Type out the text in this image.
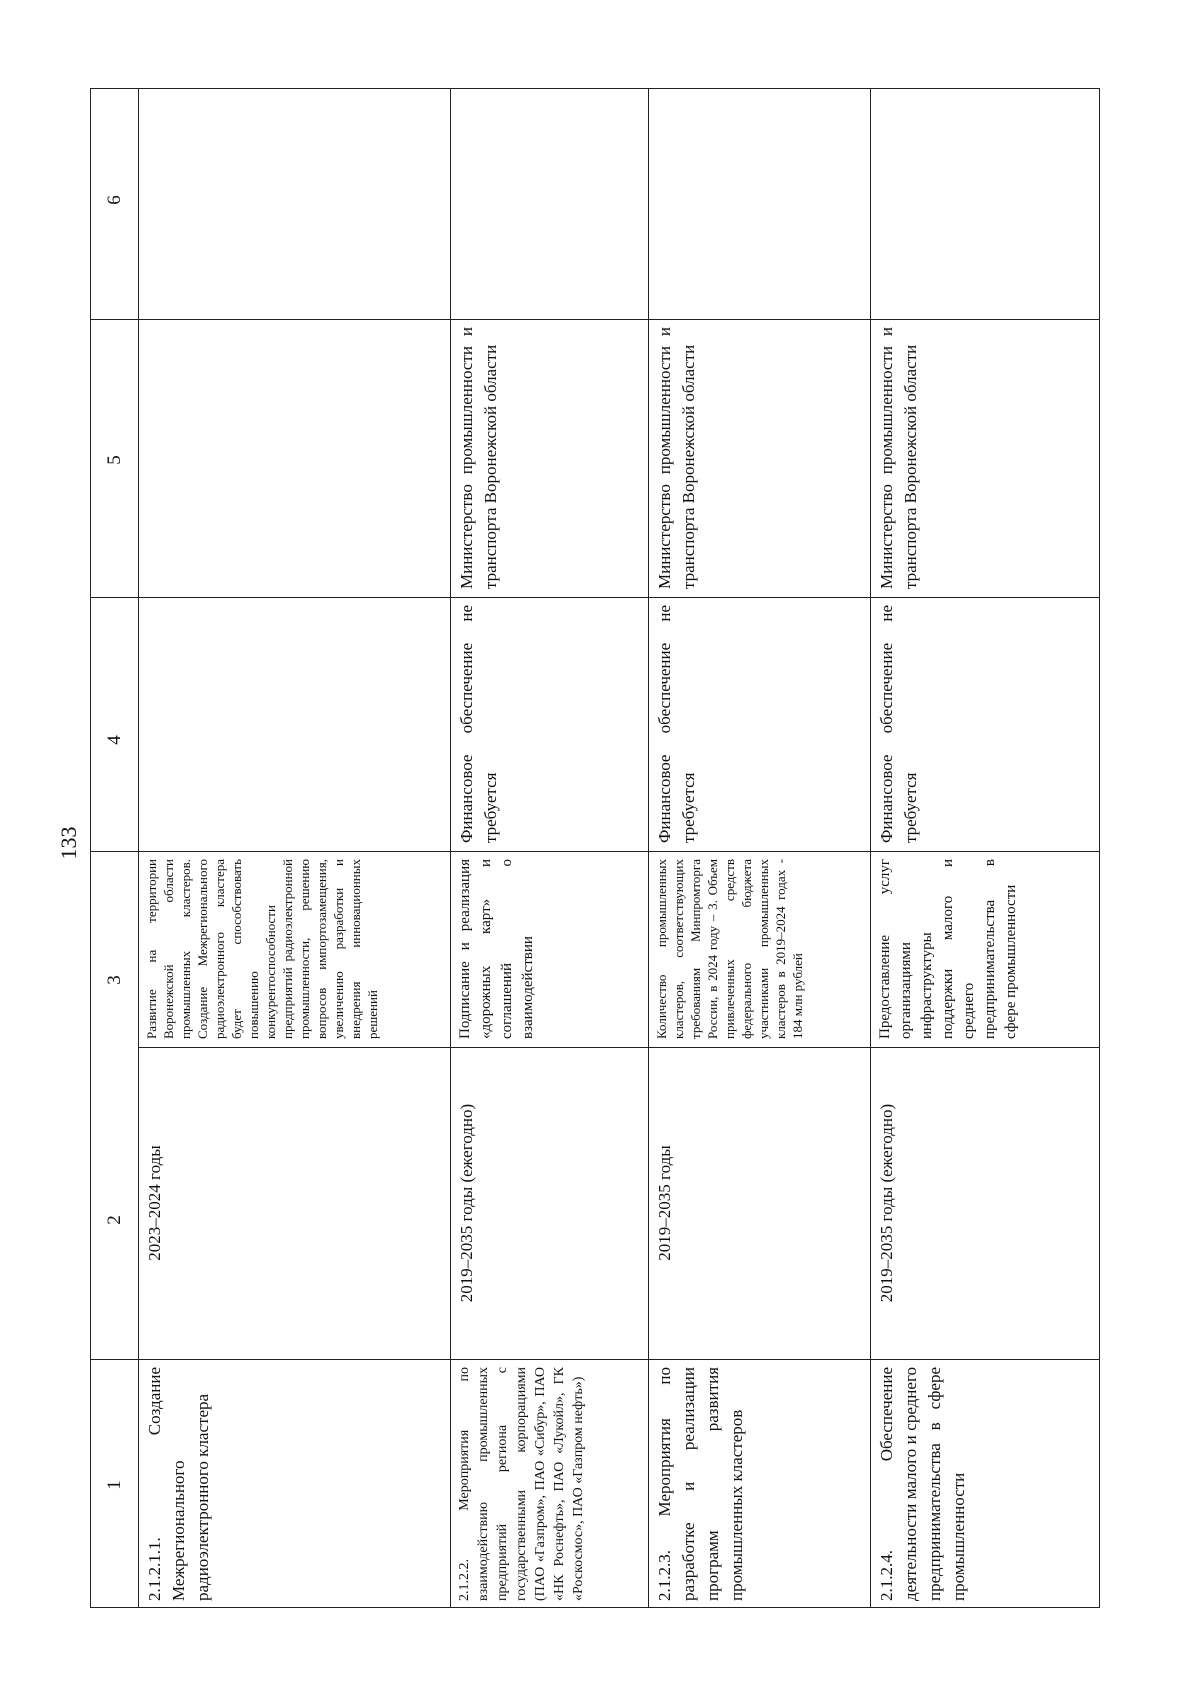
133
1
2
3
4
5
6
2.1.2.1.1. Создание Межрегионального радиоэлектронного кластера
2023–2024 годы
Развитие на территории Воронежской области промышленных кластеров. Создание Межрегионального радиоэлектронного кластера будет способствовать повышению конкурентоспособности предприятий радиоэлектронной промышленности, решению вопросов импортозамещения, увеличению разработки и внедрения инновационных решений
2.1.2.2. Мероприятия по взаимодействию промышленных предприятий региона с государственными корпорациями (ПАО «Газпром», ПАО «Сибур», ПАО «НК Роснефть», ПАО «Лукойл», ГК «Роскосмос», ПАО «Газпром нефть»)
2019–2035 годы (ежегодно)
Подписание и реализация «дорожных карт» и соглашений о взаимодействии
Финансовое обеспечение не требуется
Министерство промышленности и транспорта Воронежской области
2.1.2.3. Мероприятия по разработке и реализации программ развития промышленных кластеров
2019–2035 годы
Количество промышленных кластеров, соответствующих требованиям Минпромторга России, в 2024 году – 3. Объем привлеченных средств федерального бюджета участниками промышленных кластеров в 2019–2024 годах - 184 млн рублей
Финансовое обеспечение не требуется
Министерство промышленности и транспорта Воронежской области
2.1.2.4. Обеспечение деятельности малого и среднего предпринимательства в сфере промышленности
2019–2035 годы (ежегодно)
Предоставление услуг организациями инфраструктуры поддержки малого и среднего предпринимательства в сфере промышленности
Финансовое обеспечение не требуется
Министерство промышленности и транспорта Воронежской области
